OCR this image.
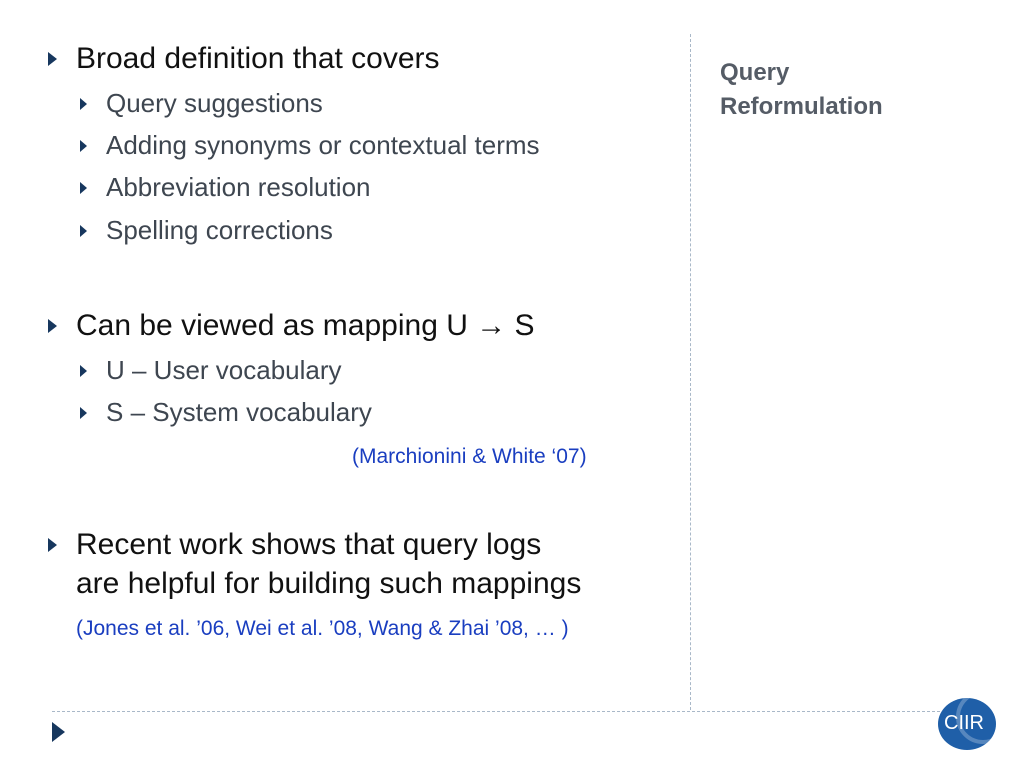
Query
Reformulation
Broad definition that covers
Query suggestions
Adding synonyms or contextual terms
Abbreviation resolution
Spelling corrections
Can be viewed as mapping U → S
U – User vocabulary
S – System vocabulary
(Marchionini & White ‘07)
Recent work shows that query logs
are helpful for building such mappings
(Jones et al. ’06, Wei et al. ’08, Wang & Zhai ’08, … )
CIIR
